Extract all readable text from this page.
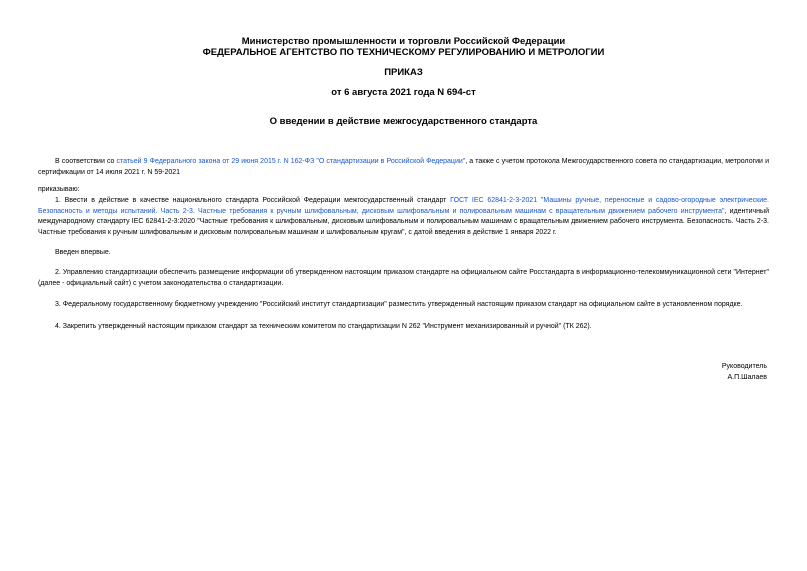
Министерство промышленности и торговли Российской Федерации
ФЕДЕРАЛЬНОЕ АГЕНТСТВО ПО ТЕХНИЧЕСКОМУ РЕГУЛИРОВАНИЮ И МЕТРОЛОГИИ
ПРИКАЗ
от 6 августа 2021 года N 694-ст
О введении в действие межгосударственного стандарта
В соответствии со статьей 9 Федерального закона от 29 июня 2015 г. N 162-ФЗ "О стандартизации в Российской Федерации", а также с учетом протокола Межгосударственного совета по стандартизации, метрологии и сертификации от 14 июля 2021 г. N 59-2021
приказываю:
1. Ввести в действие в качестве национального стандарта Российской Федерации межгосударственный стандарт ГОСТ IEC 62841-2-3-2021 "Машины ручные, переносные и садово-огородные электрические. Безопасность и методы испытаний. Часть 2-3. Частные требования к ручным шлифовальным, дисковым шлифовальным и полировальным машинам с вращательным движением рабочего инструмента", идентичный международному стандарту IEC 62841-2-3:2020 "Частные требования к шлифовальным, дисковым шлифовальным и полировальным машинам с вращательным движением рабочего инструмента. Безопасность. Часть 2-3. Частные требования к ручным шлифовальным и дисковым полировальным машинам и шлифовальным кругам", с датой введения в действие 1 января 2022 г.
Введен впервые.
2. Управлению стандартизации обеспечить размещение информации об утвержденном настоящим приказом стандарте на официальном сайте Росстандарта в информационно-телекоммуникационной сети "Интернет" (далее - официальный сайт) с учетом законодательства о стандартизации.
3. Федеральному государственному бюджетному учреждению "Российский институт стандартизации" разместить утвержденный настоящим приказом стандарт на официальном сайте в установленном порядке.
4. Закрепить утвержденный настоящим приказом стандарт за техническим комитетом по стандартизации N 262 "Инструмент механизированный и ручной" (ТК 262).
Руководитель
А.П.Шалаев
